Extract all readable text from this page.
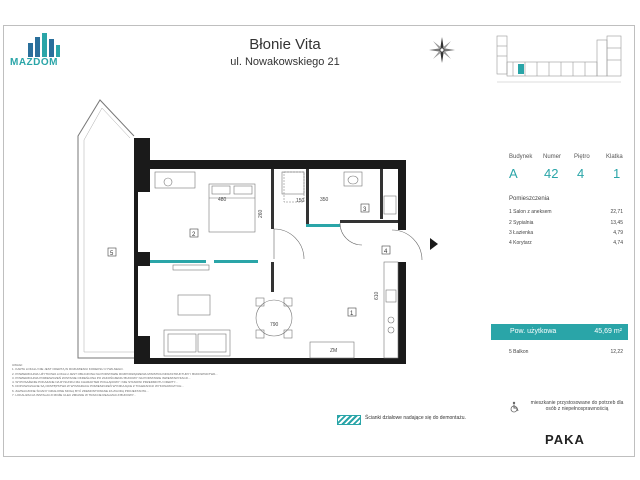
MAZDOM
Błonie Vita
ul. Nowakowskiego 21
Budynek Numer Piętro	Klatka
A 42 4 1
Pomieszczenia
1 Salon z aneksem	22,71
2 Sypialnia	13,45
3 Łazienka	4,79
4 Korytarz	4,74
Pow. użytkowa	45,69 m²
5 Balkon	12,22
mieszkanie przystosowane do potrzeb dla osób z niepełnosprawnością
PAKA
Ścianki działowe nadające się do demontażu.
UWAGI:
1. KARTA LOKALU NIE JEST OFERTĄ W ROZUMIENIU KODEKSU CYWILNEGO.
2. POWIERZCHNIA UŻYTKOWA LOKALU JEST OBLICZONA NA PODSTAWIE ROZPORZĄDZENIA MINISTRA INFRASTRUKTURY I BUDOWNICTWA...
3. POWIERZCHNIA POMIESZCZEŃ ZOSTANIE OKREŚLONA PO ZAKOŃCZENIU BUDOWY NA PODSTAWIE INWENTARYZACJI...
4. WYPOSAŻENIE POKAZANE NA RYSUNKU MA CHARAKTER POGLĄDOWY I NIE STANOWI PRZEDMIOTU OFERTY...
5. DOPUSZCZALNE SĄ ODSTĘPSTWA W WYMIARACH POMIESZCZEŃ WYNIKAJĄCE Z TOLERANCJI WYKONAWCZYCH...
6. ZAZNACZONE ŚCIANY DZIAŁOWE MOGĄ BYĆ ZDEMONTOWANE ZA ZGODĄ PROJEKTANTA...
7. LOKALIZACJA INSTALACJI MOŻE ULEC ZMIANIE W TRAKCIE REALIZACJI BUDOWY...
ZM
480	350
150
260
790
610
1
2
3
4
5
